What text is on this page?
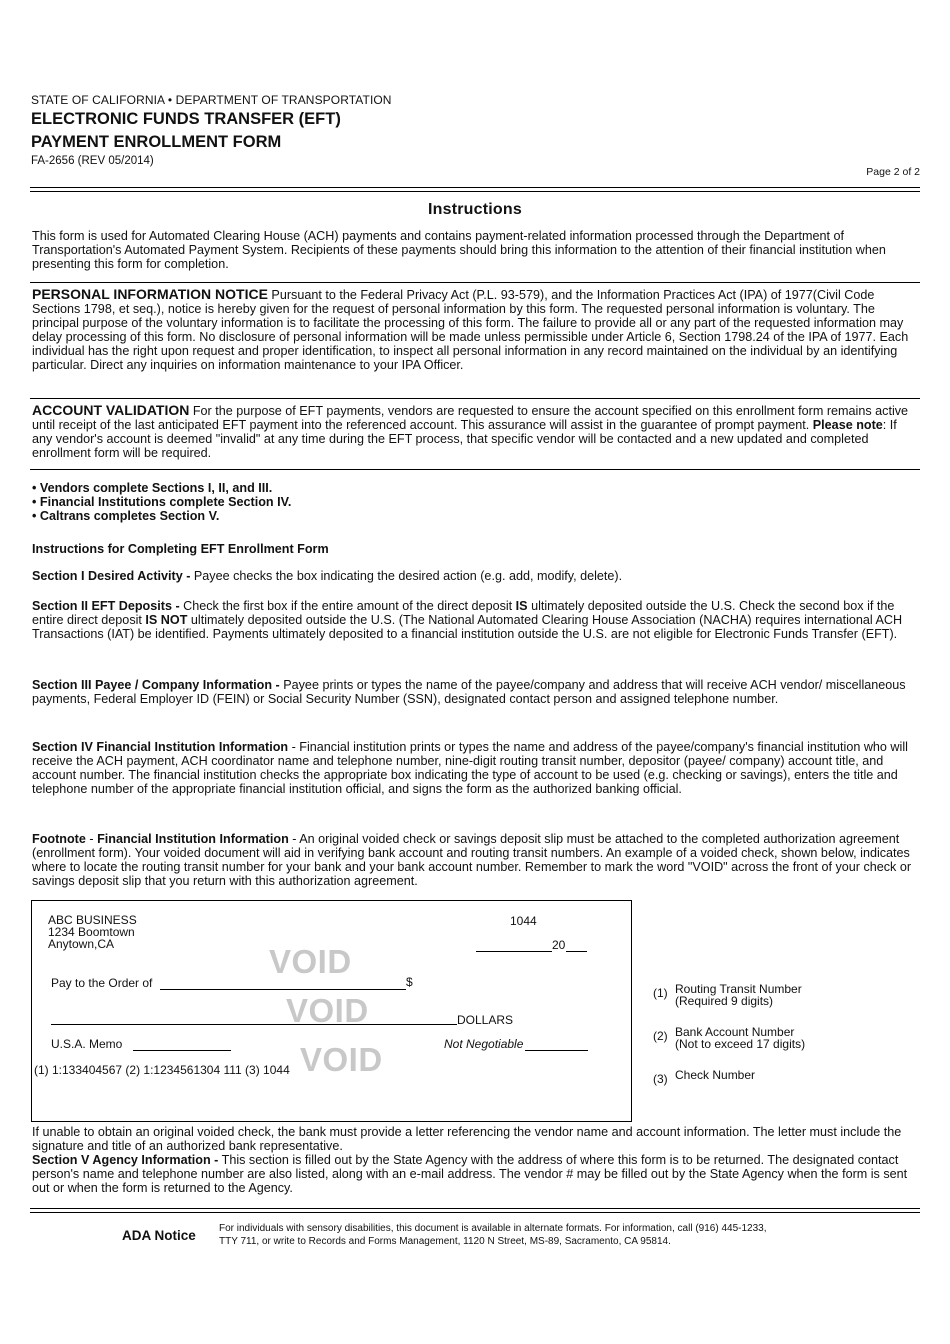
STATE OF CALIFORNIA • DEPARTMENT OF TRANSPORTATION
ELECTRONIC FUNDS TRANSFER (EFT)
PAYMENT ENROLLMENT FORM
FA-2656 (REV 05/2014)
Page 2 of 2
Instructions
This form is used for Automated Clearing House (ACH) payments and contains payment-related information processed through the Department of Transportation's Automated Payment System. Recipients of these payments should bring this information to the attention of their financial institution when presenting this form for completion.
PERSONAL INFORMATION NOTICE Pursuant to the Federal Privacy Act (P.L. 93-579), and the Information Practices Act (IPA) of 1977(Civil Code Sections 1798, et seq.), notice is hereby given for the request of personal information by this form. The requested personal information is voluntary. The principal purpose of the voluntary information is to facilitate the processing of this form. The failure to provide all or any part of the requested information may delay processing of this form. No disclosure of personal information will be made unless permissible under Article 6, Section 1798.24 of the IPA of 1977. Each individual has the right upon request and proper identification, to inspect all personal information in any record maintained on the individual by an identifying particular. Direct any inquiries on information maintenance to your IPA Officer.
ACCOUNT VALIDATION For the purpose of EFT payments, vendors are requested to ensure the account specified on this enrollment form remains active until receipt of the last anticipated EFT payment into the referenced account. This assurance will assist in the guarantee of prompt payment. Please note: If any vendor's account is deemed "invalid" at any time during the EFT process, that specific vendor will be contacted and a new updated and completed enrollment form will be required.
• Vendors complete Sections I, II, and III.
• Financial Institutions complete Section IV.
• Caltrans completes Section V.
Instructions for Completing EFT Enrollment Form
Section I Desired Activity - Payee checks the box indicating the desired action (e.g. add, modify, delete).
Section II EFT Deposits - Check the first box if the entire amount of the direct deposit IS ultimately deposited outside the U.S. Check the second box if the entire direct deposit IS NOT ultimately deposited outside the U.S. (The National Automated Clearing House Association (NACHA) requires international ACH Transactions (IAT) be identified. Payments ultimately deposited to a financial institution outside the U.S. are not eligible for Electronic Funds Transfer (EFT).
Section III Payee / Company Information - Payee prints or types the name of the payee/company and address that will receive ACH vendor/ miscellaneous payments, Federal Employer ID (FEIN) or Social Security Number (SSN), designated contact person and assigned telephone number.
Section IV Financial Institution Information - Financial institution prints or types the name and address of the payee/company's financial institution who will receive the ACH payment, ACH coordinator name and telephone number, nine-digit routing transit number, depositor (payee/ company) account title, and account number. The financial institution checks the appropriate box indicating the type of account to be used (e.g. checking or savings), enters the title and telephone number of the appropriate financial institution official, and signs the form as the authorized banking official.
Footnote - Financial Institution Information - An original voided check or savings deposit slip must be attached to the completed authorization agreement (enrollment form). Your voided document will aid in verifying bank account and routing transit numbers. An example of a voided check, shown below, indicates where to locate the routing transit number for your bank and your bank account number. Remember to mark the word "VOID" across the front of your check or savings deposit slip that you return with this authorization agreement.
ABC BUSINESS
1234 Boomtown
Anytown,CA
1044
20
VOID
Pay to the Order of	$
VOID	DOLLARS
U.S.A. Memo	Not Negotiable
(1) 1:133404567 (2) 1:1234561304 111 (3) 1044 VOID
(1) Routing Transit Number
(Required 9 digits)
(2) Bank Account Number
(Not to exceed 17 digits)
(3) Check Number
If unable to obtain an original voided check, the bank must provide a letter referencing the vendor name and account information. The letter must include the signature and title of an authorized bank representative.
Section V Agency Information - This section is filled out by the State Agency with the address of where this form is to be returned. The designated contact person's name and telephone number are also listed, along with an e-mail address. The vendor # may be filled out by the State Agency when the form is sent out or when the form is returned to the Agency.
ADA Notice For individuals with sensory disabilities, this document is available in alternate formats. For information, call (916) 445-1233,
TTY 711, or write to Records and Forms Management, 1120 N Street, MS-89, Sacramento, CA 95814.
